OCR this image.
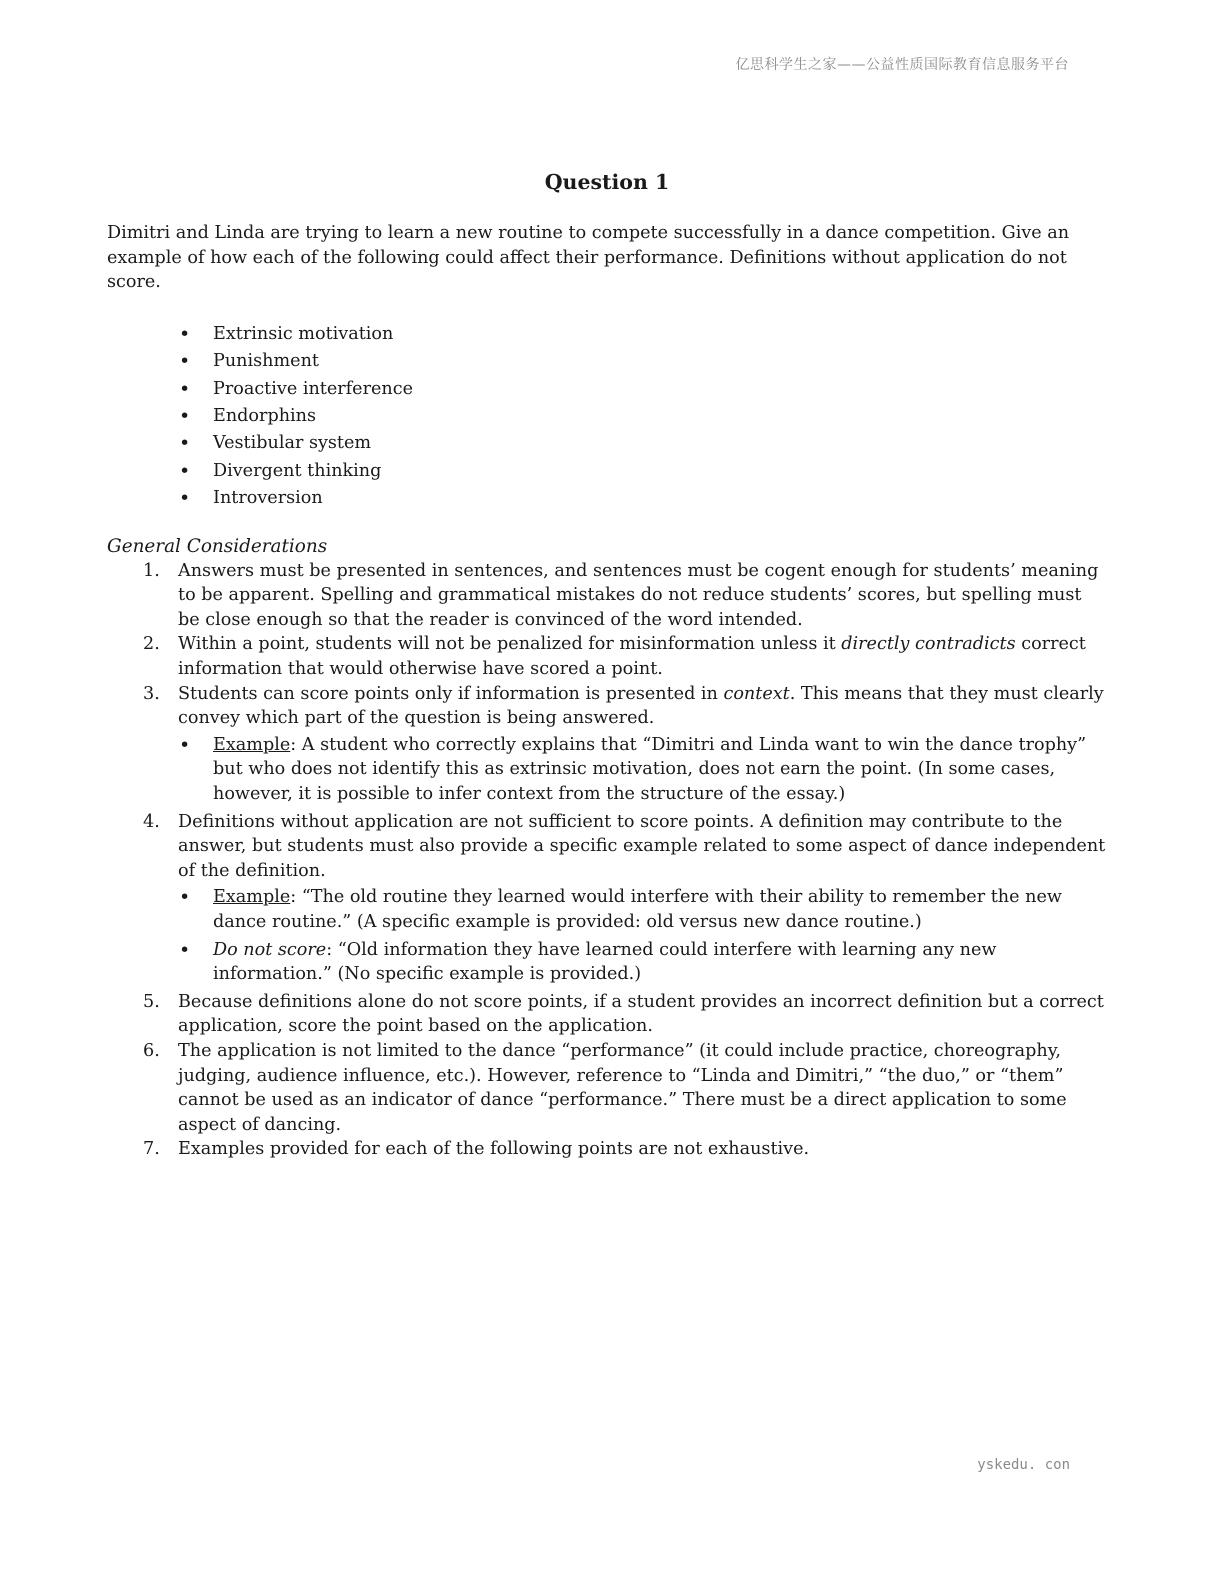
亿思科学生之家——公益性质国际教育信息服务平台
Question 1

Dimitri and Linda are trying to learn a new routine to compete successfully in a dance competition. Give an example of how each of the following could affect their performance. Definitions without application do not score.

• Extrinsic motivation
• Punishment
• Proactive interference
• Endorphins
• Vestibular system
• Divergent thinking
• Introversion
General Considerations
1. Answers must be presented in sentences, and sentences must be cogent enough for students’ meaning to be apparent. Spelling and grammatical mistakes do not reduce students’ scores, but spelling must be close enough so that the reader is convinced of the word intended.
2. Within a point, students will not be penalized for misinformation unless it directly contradicts correct information that would otherwise have scored a point.
3. Students can score points only if information is presented in context. This means that they must clearly convey which part of the question is being answered.
• Example: A student who correctly explains that “Dimitri and Linda want to win the dance trophy” but who does not identify this as extrinsic motivation, does not earn the point. (In some cases, however, it is possible to infer context from the structure of the essay.)
4. Definitions without application are not sufficient to score points. A definition may contribute to the answer, but students must also provide a specific example related to some aspect of dance independent of the definition.
• Example: “The old routine they learned would interfere with their ability to remember the new dance routine.” (A specific example is provided: old versus new dance routine.)
• Do not score: “Old information they have learned could interfere with learning any new information.” (No specific example is provided.)
5. Because definitions alone do not score points, if a student provides an incorrect definition but a correct application, score the point based on the application.
6. The application is not limited to the dance “performance” (it could include practice, choreography, judging, audience influence, etc.). However, reference to “Linda and Dimitri,” “the duo,” or “them” cannot be used as an indicator of dance “performance.” There must be a direct application to some aspect of dancing.
7. Examples provided for each of the following points are not exhaustive.
yskedu. con
